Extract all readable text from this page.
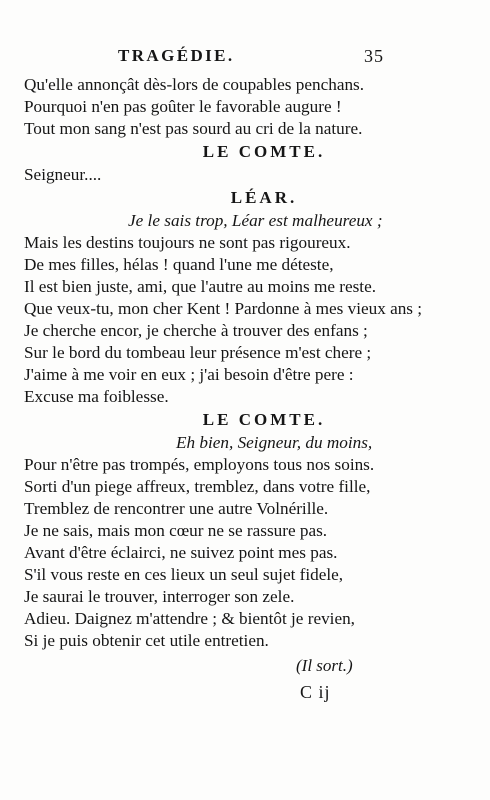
TRAGÉDIE.	35
Qu'elle annonçât dès-lors de coupables penchans.
Pourquoi n'en pas goûter le favorable augure !
Tout mon sang n'est pas sourd au cri de la nature.
LE COMTE.
Seigneur....
LÉAR.
Je le sais trop, Léar est malheureux ;
Mais les destins toujours ne sont pas rigoureux.
De mes filles, hélas ! quand l'une me déteste,
Il est bien juste, ami, que l'autre au moins me reste.
Que veux-tu, mon cher Kent ! Pardonne à mes vieux ans ;
Je cherche encor, je cherche à trouver des enfans ;
Sur le bord du tombeau leur présence m'est chere ;
J'aime à me voir en eux ; j'ai besoin d'être pere :
Excuse ma foiblesse.
LE COMTE.
Eh bien, Seigneur, du moins,
Pour n'être pas trompés, employons tous nos soins.
Sorti d'un piege affreux, tremblez, dans votre fille,
Tremblez de rencontrer une autre Volnérille.
Je ne sais, mais mon cœur ne se rassure pas.
Avant d'être éclairci, ne suivez point mes pas.
S'il vous reste en ces lieux un seul sujet fidele,
Je saurai le trouver, interroger son zele.
Adieu. Daignez m'attendre ; & bientôt je revien,
Si je puis obtenir cet utile entretien.
(Il sort.)
C ij
